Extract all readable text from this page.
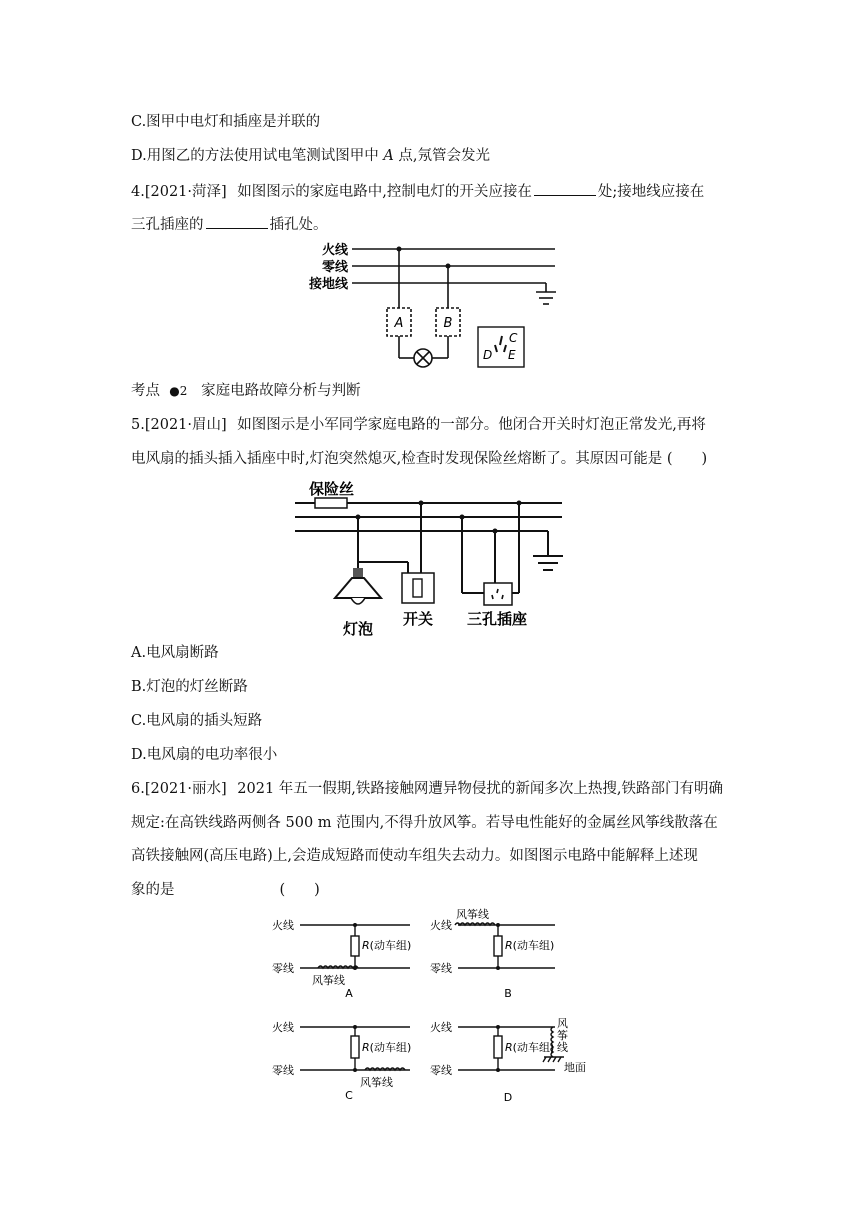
C.图甲中电灯和插座是并联的
D.用图乙的方法使用试电笔测试图甲中 A 点,氖管会发光
4.[2021·菏泽] 如图图示的家庭电路中,控制电灯的开关应接在	处;接地线应接在
三孔插座的	插孔处。
火线
零线
接地线
A	B
C
D E
考点 ●2 家庭电路故障分析与判断
5.[2021·眉山] 如图图示是小军同学家庭电路的一部分。他闭合开关时灯泡正常发光,再将
电风扇的插头插入插座中时,灯泡突然熄灭,检查时发现保险丝熔断了。其原因可能是 (　　)
保险丝
灯泡
开关 三孔插座
A.电风扇断路
B.灯泡的灯丝断路
C.电风扇的插头短路
D.电风扇的电功率很小
6.[2021·丽水] 2021 年五一假期,铁路接触网遭异物侵扰的新闻多次上热搜,铁路部门有明确
规定:在高铁线路两侧各 500 m 范围内,不得升放风筝。若导电性能好的金属丝风筝线散落在
高铁接触网(高压电路)上,会造成短路而使动车组失去动力。如图图示电路中能解释上述现
象的是	(　　)
火线
零线
R(动车组)
风筝线
A
火线
零线
R(动车组)
风筝线
B
火线
零线
R(动车组)
风筝线
C
火线
零线
R(动车组)
风
筝
线
地面
D
